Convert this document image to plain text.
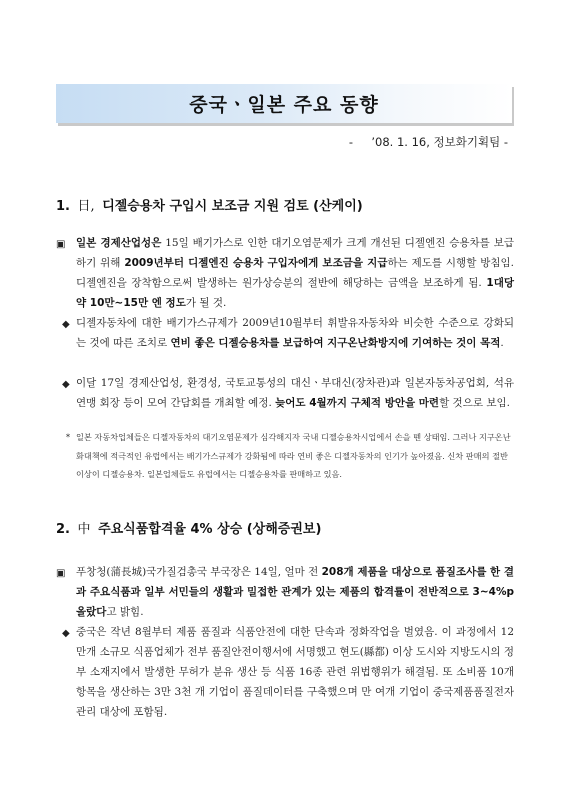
중국ㆍ일본 주요 동향
- ’08. 1. 16, 정보화기획팀 -
1. 日, 디젤승용차 구입시 보조금 지원 검토 (산케이)
▣ 일본 경제산업성은 15일 배기가스로 인한 대기오염문제가 크게 개선된 디젤엔진 승용차를 보급하기 위해 2009년부터 디젤엔진 승용차 구입자에게 보조금을 지급하는 제도를 시행할 방침임. 디젤엔진을 장착함으로써 발생하는 원가상승분의 절반에 해당하는 금액을 보조하게 됨. 1대당 약 10만∼15만 엔 정도가 될 것.

◆ 디젤자동차에 대한 배기가스규제가 2009년10월부터 휘발유자동차와 비슷한 수준으로 강화되는 것에 따른 조치로 연비 좋은 디젤승용차를 보급하여 지구온난화방지에 기여하는 것이 목적.

◆ 이달 17일 경제산업성, 환경성, 국토교통성의 대신ㆍ부대신(장차관)과 일본자동차공업회, 석유연맹 회장 등이 모여 간담회를 개최할 예정. 늦어도 4월까지 구체적 방안을 마련할 것으로 보임.

* 일본 자동차업체들은 디젤자동차의 대기오염문제가 심각해지자 국내 디젤승용차시업에서 손을 뗀 상태임. 그러나 지구온난화대책에 적극적인 유럽에서는 배기가스규제가 강화됨에 따라 연비 좋은 디젤자동차의 인기가 높아졌음. 신차 판매의 절반 이상이 디젤승용차. 일본업체들도 유럽에서는 디젤승용차를 판매하고 있음.
2. 中 주요식품합격율 4% 상승 (상해증권보)
▣ 푸창청(蒲長城)국가질검총국 부국장은 14일, 얼마 전 208개 제품을 대상으로 품질조사를 한 결과 주요식품과 일부 서민들의 생활과 밀접한 관계가 있는 제품의 합격률이 전반적으로 3~4%p 올랐다고 밝힘.

◆ 중국은 작년 8월부터 제품 품질과 식품안전에 대한 단속과 정화작업을 벌였음. 이 과정에서 12만개 소규모 식품업체가 전부 품질안전이행서에 서명했고 현도(縣都) 이상 도시와 지방도시의 정부 소재지에서 발생한 무허가 분유 생산 등 식품 16종 관련 위법행위가 해결됨. 또 소비품 10개 항목을 생산하는 3만 3천 개 기업이 품질데이터를 구축했으며 만 여개 기업이 중국제품품질전자관리 대상에 포함됨.
